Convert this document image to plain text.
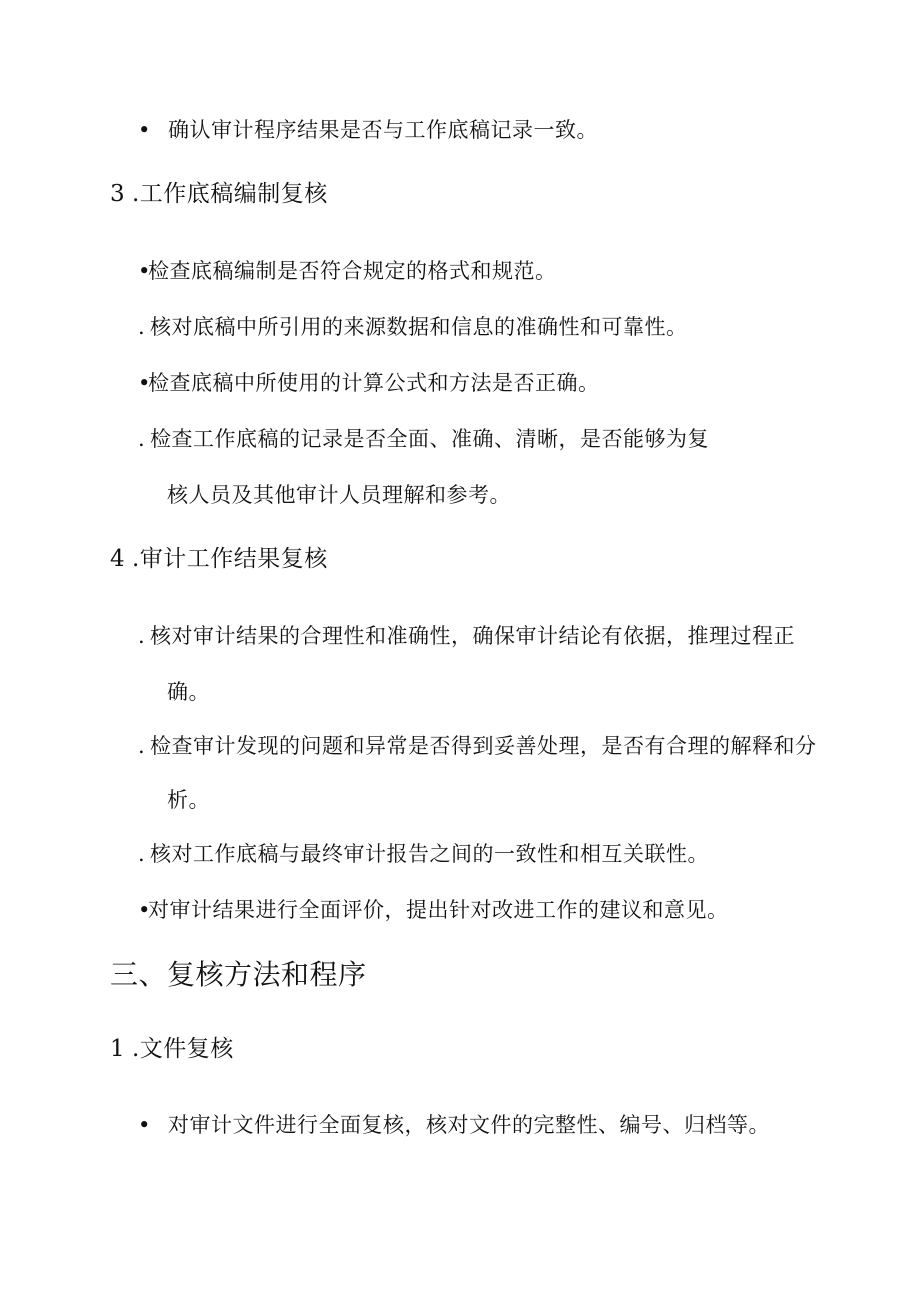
• 确认审计程序结果是否与工作底稿记录一致。
3 .工作底稿编制复核
•检查底稿编制是否符合规定的格式和规范。
. 核对底稿中所引用的来源数据和信息的准确性和可靠性。
•检查底稿中所使用的计算公式和方法是否正确。
. 检查工作底稿的记录是否全面、准确、清晰，是否能够为复
核人员及其他审计人员理解和参考。
4 .审计工作结果复核
. 核对审计结果的合理性和准确性，确保审计结论有依据，推理过程正
确。
. 检查审计发现的问题和异常是否得到妥善处理，是否有合理的解释和分
析。
. 核对工作底稿与最终审计报告之间的一致性和相互关联性。
•对审计结果进行全面评价，提出针对改进工作的建议和意见。
三、复核方法和程序
1 .文件复核
• 对审计文件进行全面复核，核对文件的完整性、编号、归档等。
